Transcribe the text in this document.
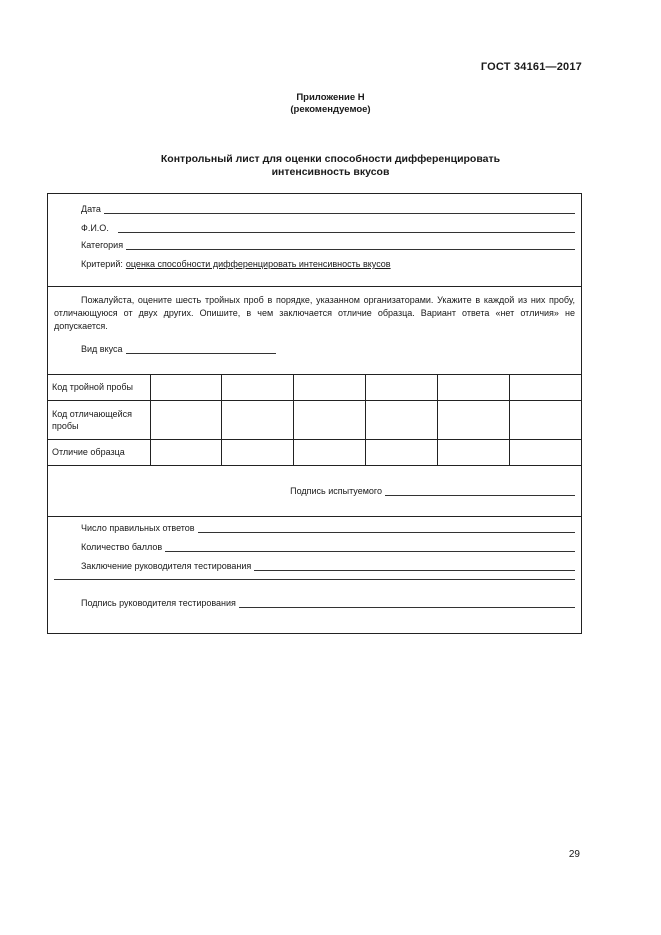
ГОСТ 34161—2017
Приложение Н
(рекомендуемое)
Контрольный лист для оценки способности дифференцировать
интенсивность вкусов
Дата
Ф.И.О.
Категория
Критерий: оценка способности дифференцировать интенсивность вкусов
Пожалуйста, оцените шесть тройных проб в порядке, указанном организаторами. Укажите в каждой из них пробу, отличающуюся от двух других. Опишите, в чем заключается отличие образца. Вариант ответа «нет отличия» не допускается.
Вид вкуса
Код тройной пробы						
Код отличающейся пробы						
Отличие образца						
Подпись испытуемого
Число правильных ответов
Количество баллов
Заключение руководителя тестирования
Подпись руководителя тестирования
29
